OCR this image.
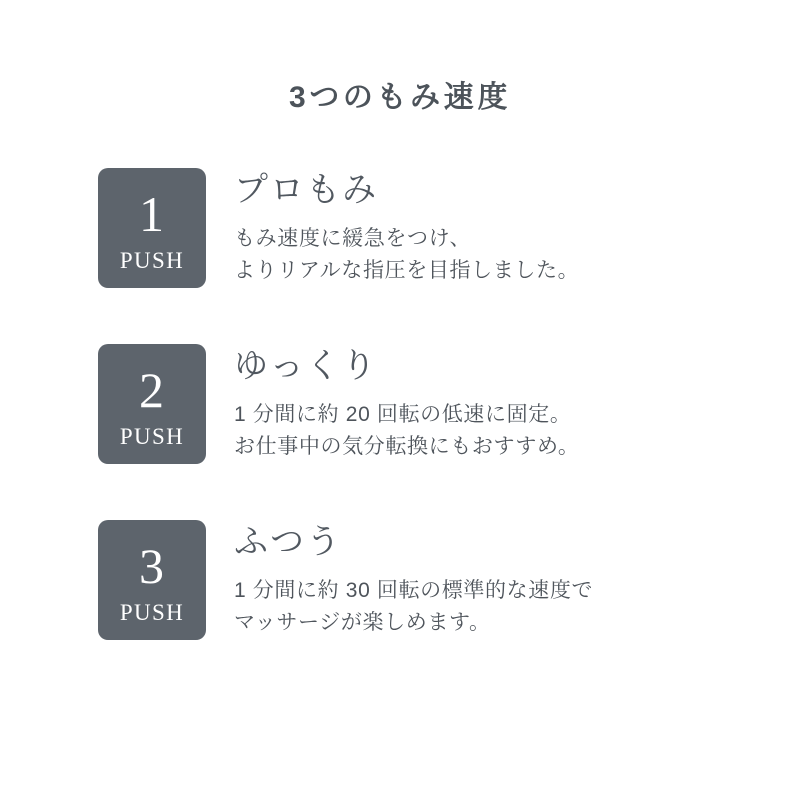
3つのもみ速度
1
PUSH
プロもみ
もみ速度に緩急をつけ、
よりリアルな指圧を目指しました。
2
PUSH
ゆっくり
1 分間に約 20 回転の低速に固定。
お仕事中の気分転換にもおすすめ。
3
PUSH
ふつう
1 分間に約 30 回転の標準的な速度で
マッサージが楽しめます。
